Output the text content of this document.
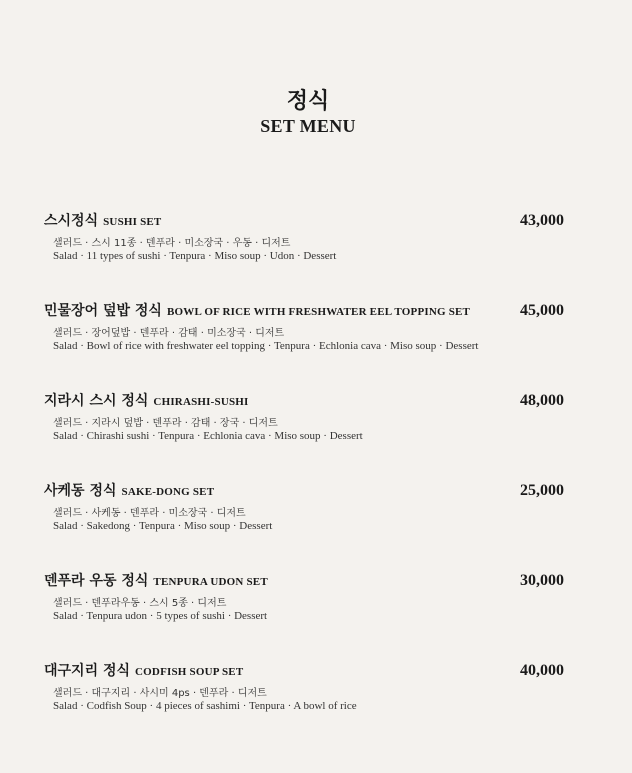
정식
SET MENU
스시정식 SUSHI SET	43,000
샐러드 · 스시 11종 · 덴푸라 · 미소장국 · 우동 · 디저트
Salad · 11 types of sushi · Tenpura · Miso soup · Udon · Dessert
민물장어 덮밥 정식 BOWL OF RICE WITH FRESHWATER EEL TOPPING SET	45,000
샐러드 · 장어덮밥 · 덴푸라 · 감태 · 미소장국 · 디저트
Salad · Bowl of rice with freshwater eel topping · Tenpura · Echlonia cava · Miso soup · Dessert
지라시 스시 정식 CHIRASHI-SUSHI	48,000
샐러드 · 지라시 덮밥 · 덴푸라 · 감태 · 장국 · 디저트
Salad · Chirashi sushi · Tenpura · Echlonia cava · Miso soup · Dessert
사케동 정식 SAKE-DONG SET	25,000
샐러드 · 사케동 · 덴푸라 · 미소장국 · 디저트
Salad · Sakedong · Tenpura · Miso soup · Dessert
덴푸라 우동 정식 TENPURA UDON SET	30,000
샐러드 · 덴푸라우동 · 스시 5종 · 디저트
Salad · Tenpura udon · 5 types of sushi · Dessert
대구지리 정식 CODFISH SOUP SET	40,000
샐러드 · 대구지리 · 사시미 4ps · 덴푸라 · 디저트
Salad · Codfish Soup · 4 pieces of sashimi · Tenpura · A bowl of rice
